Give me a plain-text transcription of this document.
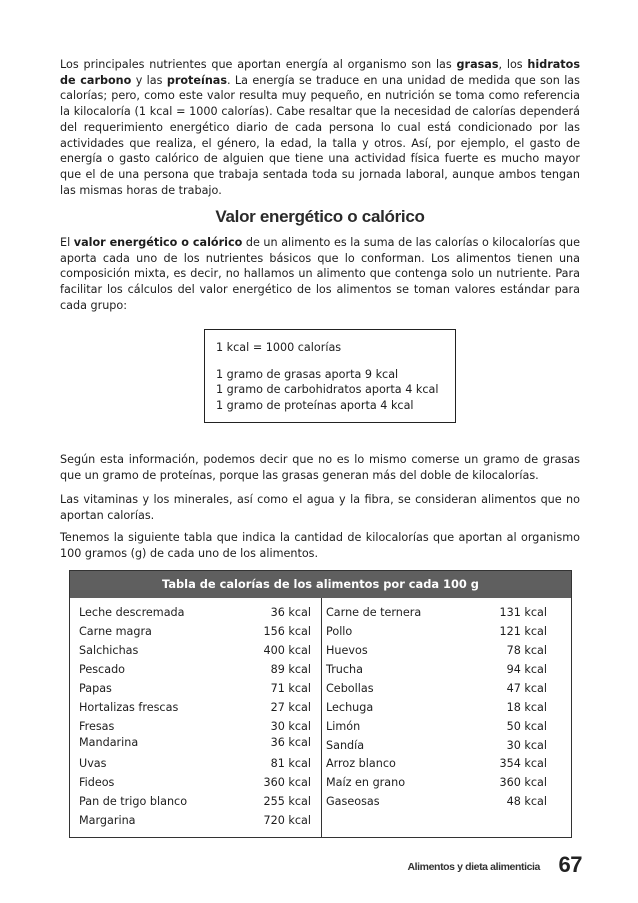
Los principales nutrientes que aportan energía al organismo son las grasas, los hidratos de carbono y las proteínas. La energía se traduce en una unidad de medida que son las calorías; pero, como este valor resulta muy pequeño, en nutrición se toma como referencia la kilocaloría (1 kcal = 1000 calorías). Cabe resaltar que la necesidad de calorías dependerá del requerimiento energético diario de cada persona lo cual está condicionado por las actividades que realiza, el género, la edad, la talla y otros. Así, por ejemplo, el gasto de energía o gasto calórico de alguien que tiene una actividad física fuerte es mucho mayor que el de una persona que trabaja sentada toda su jornada laboral, aunque ambos tengan las mismas horas de trabajo.

Valor energético o calórico

El valor energético o calórico de un alimento es la suma de las calorías o kilocalorías que aporta cada uno de los nutrientes básicos que lo conforman. Los alimentos tienen una composición mixta, es decir, no hallamos un alimento que contenga solo un nutriente. Para facilitar los cálculos del valor energético de los alimentos se toman valores estándar para cada grupo:

1 kcal = 1000 calorías
1 gramo de grasas aporta 9 kcal
1 gramo de carbohidratos aporta 4 kcal
1 gramo de proteínas aporta 4 kcal

Según esta información, podemos decir que no es lo mismo comerse un gramo de grasas que un gramo de proteínas, porque las grasas generan más del doble de kilocalorías.

Las vitaminas y los minerales, así como el agua y la fibra, se consideran alimentos que no aportan calorías.

Tenemos la siguiente tabla que indica la cantidad de kilocalorías que aportan al organismo 100 gramos (g) de cada uno de los alimentos.

Tabla de calorías de los alimentos por cada 100 g
Leche descremada	36 kcal
Carne magra	156 kcal
Salchichas	400 kcal
Pescado	89 kcal
Papas	71 kcal
Hortalizas frescas	27 kcal
Fresas	30 kcal
Mandarina	36 kcal
Uvas	81 kcal
Fideos	360 kcal
Pan de trigo blanco	255 kcal
Margarina	720 kcal
Carne de ternera	131 kcal
Pollo	121 kcal
Huevos	78 kcal
Trucha	94 kcal
Cebollas	47 kcal
Lechuga	18 kcal
Limón	50 kcal
Sandía	30 kcal
Arroz blanco	354 kcal
Maíz en grano	360 kcal
Gaseosas	48 kcal
Alimentos y dieta alimenticia 67
